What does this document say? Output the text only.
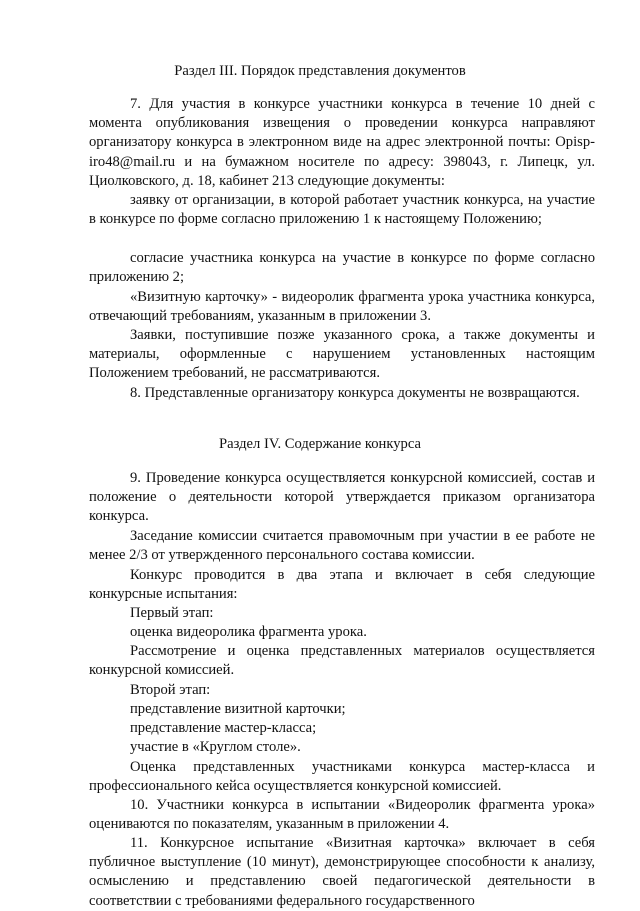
Раздел III. Порядок представления документов
7. Для участия в конкурсе участники конкурса в течение 10 дней с момента опубликования извещения о проведении конкурса направляют организатору конкурса в электронном виде на адрес электронной почты: Opisp-iro48@mail.ru и на бумажном носителе по адресу: 398043, г. Липецк, ул. Циолковского, д. 18, кабинет 213 следующие документы:
заявку от организации, в которой работает участник конкурса, на участие в конкурсе по форме согласно приложению 1 к настоящему Положению;
согласие участника конкурса на участие в конкурсе по форме согласно приложению 2;
«Визитную карточку» - видеоролик фрагмента урока участника конкурса, отвечающий требованиям, указанным в приложении 3.
Заявки, поступившие позже указанного срока, а также документы и материалы, оформленные с нарушением установленных настоящим Положением требований, не рассматриваются.
8. Представленные организатору конкурса документы не возвращаются.
Раздел IV. Содержание конкурса
9. Проведение конкурса осуществляется конкурсной комиссией, состав и положение о деятельности которой утверждается приказом организатора конкурса.
Заседание комиссии считается правомочным при участии в ее работе не менее 2/3 от утвержденного персонального состава комиссии.
Конкурс проводится в два этапа и включает в себя следующие конкурсные испытания:
Первый этап:
оценка видеоролика фрагмента урока.
Рассмотрение и оценка представленных материалов осуществляется конкурсной комиссией.
Второй этап:
представление визитной карточки;
представление мастер-класса;
участие в «Круглом столе».
Оценка представленных участниками конкурса мастер-класса и профессионального кейса осуществляется конкурсной комиссией.
10. Участники конкурса в испытании «Видеоролик фрагмента урока» оцениваются по показателям, указанным в приложении 4.
11. Конкурсное испытание «Визитная карточка» включает в себя публичное выступление (10 минут), демонстрирующее способности к анализу, осмыслению и представлению своей педагогической деятельности в соответствии с требованиями федерального государственного
